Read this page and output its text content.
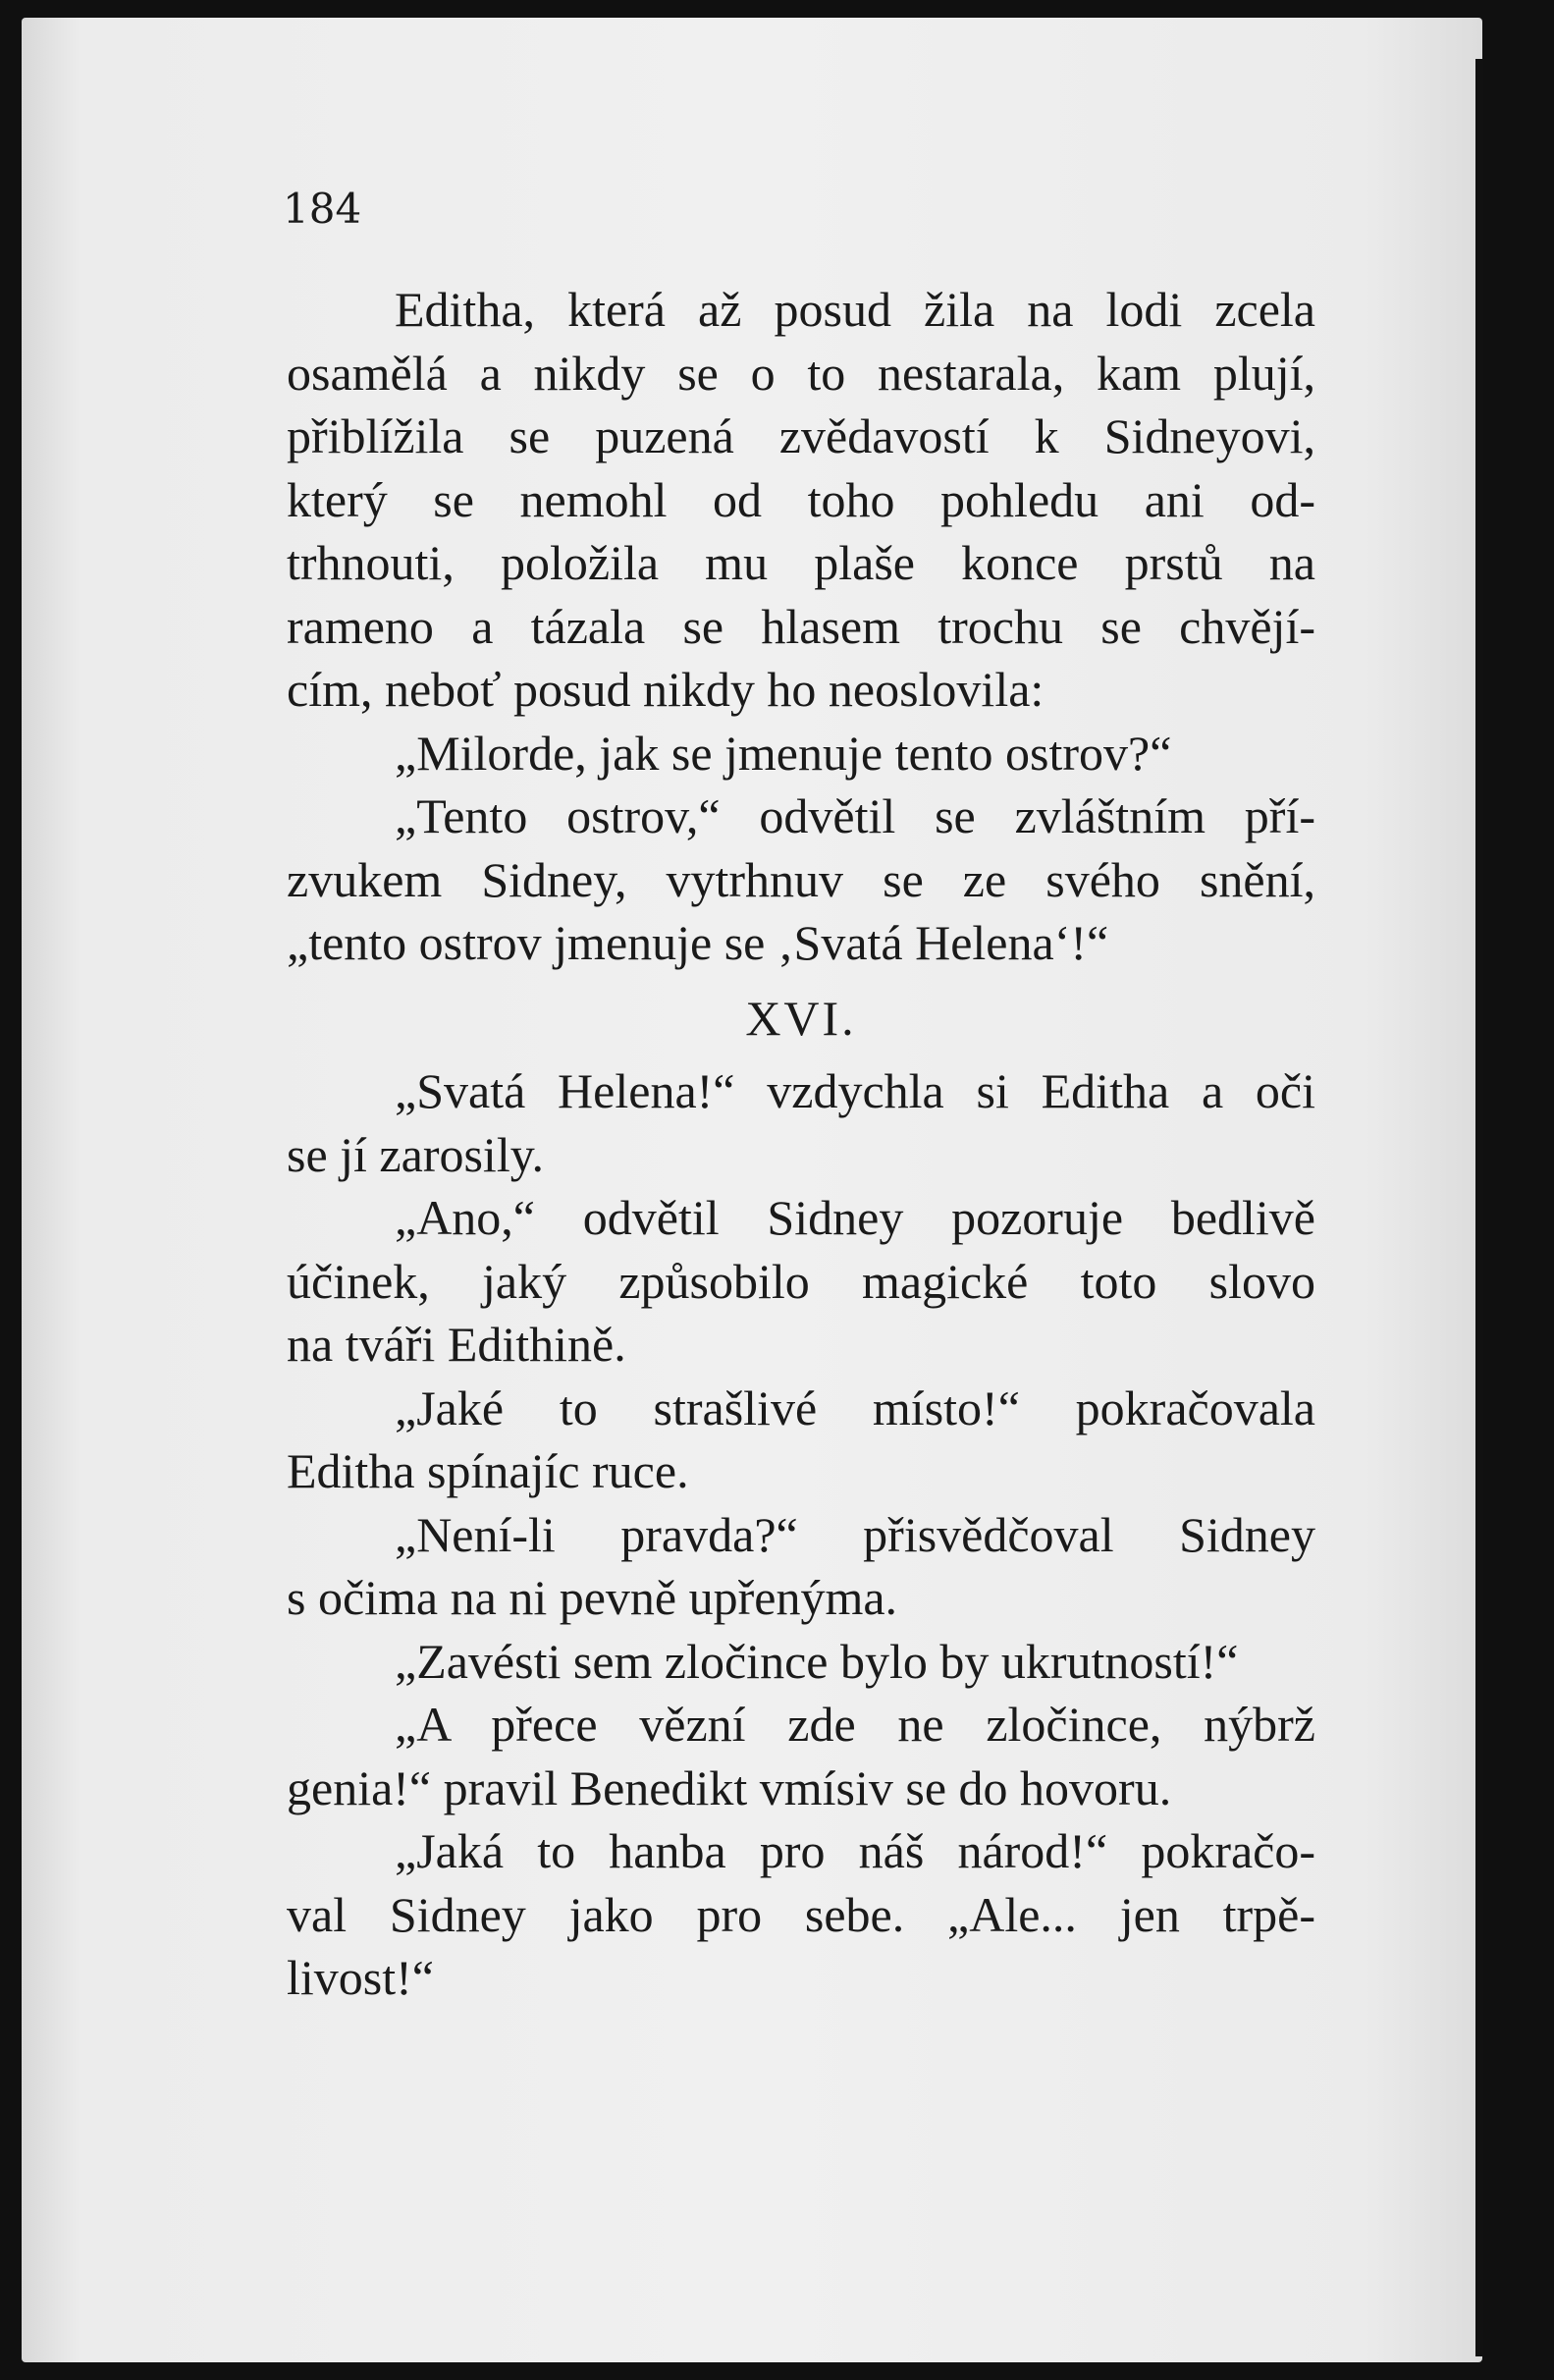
184

Editha, která až posud žila na lodi zcela
osamělá a nikdy se o to nestarala, kam plují,
přiblížila se puzená zvědavostí k Sidneyovi,
který se nemohl od toho pohledu ani od-
trhnouti, položila mu plaše konce prstů na
rameno a tázala se hlasem trochu se chvějí-
cím, neboť posud nikdy ho neoslovila:
„Milorde, jak se jmenuje tento ostrov?“
„Tento ostrov,“ odvětil se zvláštním pří-
zvukem Sidney, vytrhnuv se ze svého snění,
„tento ostrov jmenuje se ‚Svatá Helena‘!“
XVI.
„Svatá Helena!“ vzdychla si Editha a oči
se jí zarosily.
„Ano,“ odvětil Sidney pozoruje bedlivě
účinek, jaký způsobilo magické toto slovo
na tváři Edithině.
„Jaké to strašlivé místo!“ pokračovala
Editha spínajíc ruce.
„Není-li pravda?“ přisvědčoval Sidney
s očima na ni pevně upřenýma.
„Zavésti sem zločince bylo by ukrutností!“
„A přece vězní zde ne zločince, nýbrž
genia!“ pravil Benedikt vmísiv se do hovoru.
„Jaká to hanba pro náš národ!“ pokračo-
val Sidney jako pro sebe. „Ale... jen trpě-
livost!“
